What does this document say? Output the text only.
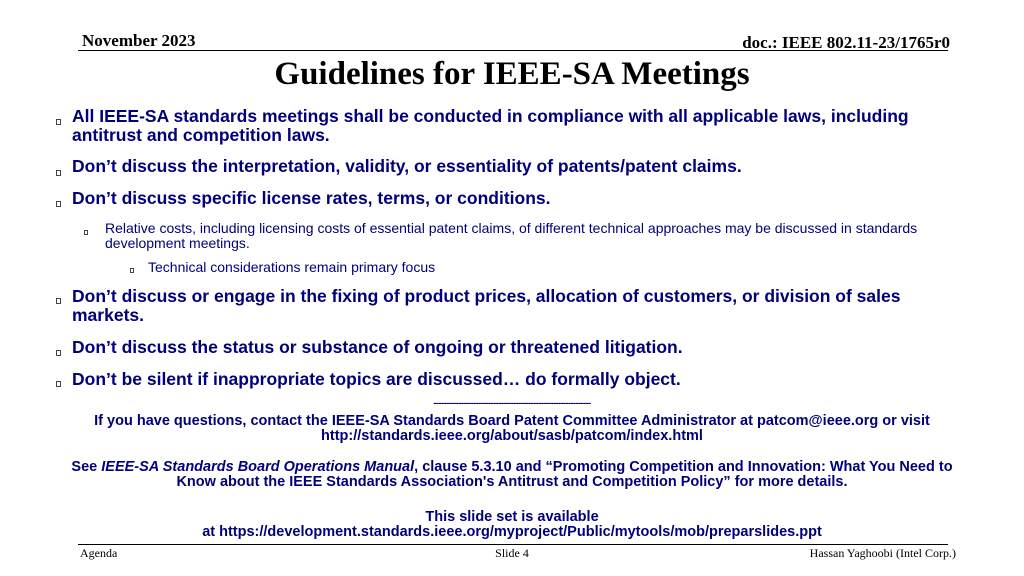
November 2023	doc.: IEEE 802.11-23/1765r0
Guidelines for IEEE-SA Meetings
All IEEE-SA standards meetings shall be conducted in compliance with all applicable laws, including antitrust and competition laws.
Don’t discuss the interpretation, validity, or essentiality of patents/patent claims.
Don’t discuss specific license rates, terms, or conditions.
Relative costs, including licensing costs of essential patent claims, of different technical approaches may be discussed in standards development meetings.
Technical considerations remain primary focus
Don’t discuss or engage in the fixing of product prices, allocation of customers, or division of sales markets.
Don’t discuss the status or substance of ongoing or threatened litigation.
Don’t be silent if inappropriate topics are discussed… do formally object.
---------------------------------------------------------------
If you have questions, contact the IEEE-SA Standards Board Patent Committee Administrator at patcom@ieee.org or visit
http://standards.ieee.org/about/sasb/patcom/index.html
See IEEE-SA Standards Board Operations Manual, clause 5.3.10 and “Promoting Competition and Innovation: What You Need to
Know about the IEEE Standards Association's Antitrust and Competition Policy” for more details.
This slide set is available
at https://development.standards.ieee.org/myproject/Public/mytools/mob/preparslides.ppt
Agenda	Slide 4	Hassan Yaghoobi (Intel Corp.)
